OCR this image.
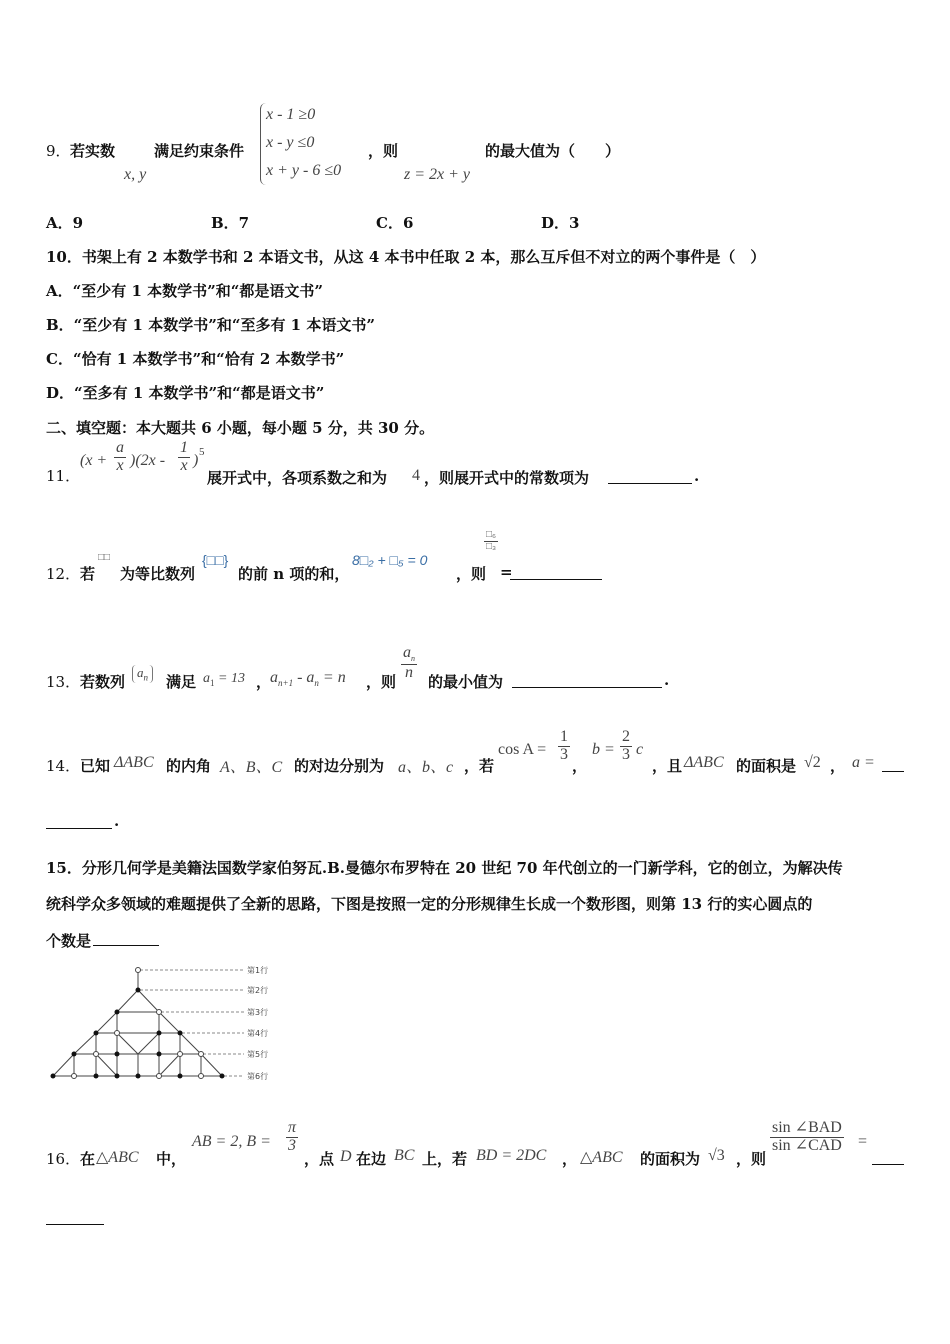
9． 若实数
x, y
满足约束条件
x - 1 ≥0
x - y ≤0
x + y - 6 ≤0
，则
z = 2x + y
的最大值为（　　）
A．9	B．7	C．6	D．3
10．书架上有 2 本数学书和 2 本语文书，从这 4 本书中任取 2 本，那么互斥但不对立的两个事件是（　）
A．“至少有 1 本数学书”和“都是语文书”
B．“至少有 1 本数学书”和“至多有 1 本语文书”
C．“恰有 1 本数学书”和“恰有 2 本数学书”
D．“至多有 1 本数学书”和“都是语文书”
二、填空题：本大题共 6 小题，每小题 5 分，共 30 分。
11．
$(x + \frac{a}{x} )(2x - \frac{1}{x}$ ) 5
展开式中，各项系数之和为 4 ，则展开式中的常数项为	.
12． 若
□□
为等比数列
{□□}
的前 n 项的和，
8□₂ + □₅ = 0
，则
□₆
□₃
=
13． 若数列
$a_n$	满足 $a_1 = 13$ ，
$a_{n+1} - a_n = n$ ，则
$\frac{a_n}{n}$
的最小值为	.
14． 已知 ΔABC 的内角 A、B、C 的对边分别为 a、b、c ，若
$\cos A = \frac{1}{3}$
，
$b = \frac{2}{3}$ c
，且 ΔABC 的面积是 √2 ， a =
.
15．分形几何学是美籍法国数学家伯努瓦.B.曼德尔布罗特在 20 世纪 70 年代创立的一门新学科，它的创立，为解决传
统科学众多领域的难题提供了全新的思路，下图是按照一定的分形规律生长成一个数形图，则第 13 行的实心圆点的
个数是
第1行
第2行
第3行
第4行
第5行
第6行
16． 在 △ABC 中，
AB = 2, $B = \frac{\pi}{3}$
，点 D 在边 BC 上，若 BD = 2DC ， △ABC 的面积为 √3 ，则
sin ∠BAD
sin ∠CAD =
